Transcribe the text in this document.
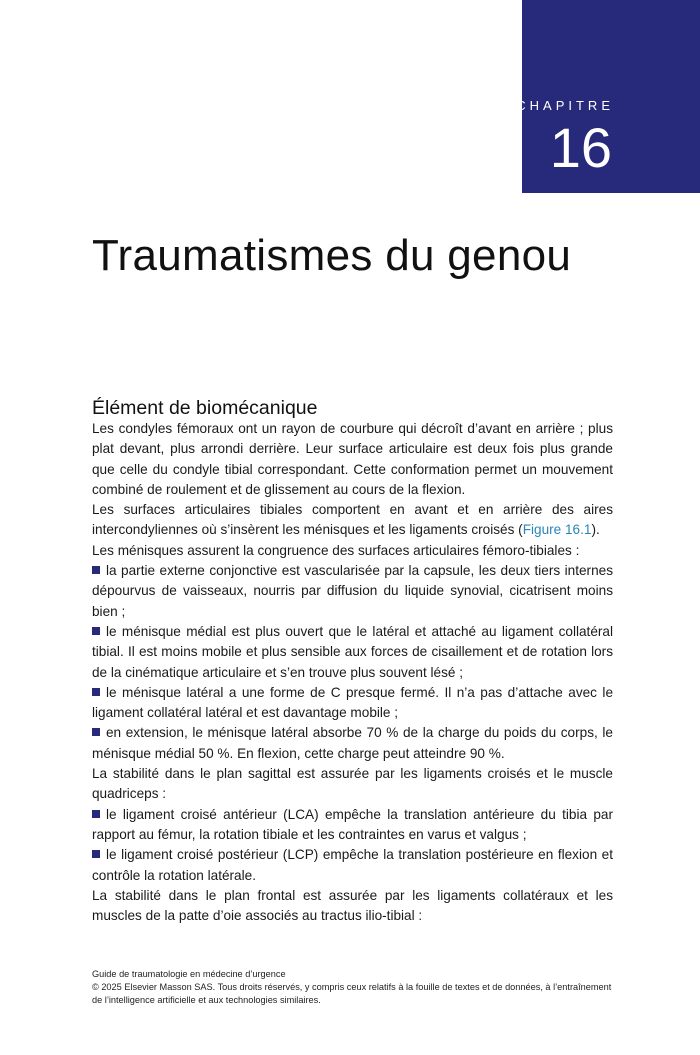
CHAPITRE
16
Traumatismes du genou
Élément de biomécanique

Les condyles fémoraux ont un rayon de courbure qui décroît d’avant en arrière ; plus plat devant, plus arrondi derrière. Leur surface articulaire est deux fois plus grande que celle du condyle tibial correspondant. Cette conformation permet un mouvement combiné de roulement et de glissement au cours de la flexion.

Les surfaces articulaires tibiales comportent en avant et en arrière des aires intercondyliennes où s’insèrent les ménisques et les ligaments croisés (Figure 16.1).

Les ménisques assurent la congruence des surfaces articulaires fémoro-tibiales :

la partie externe conjonctive est vascularisée par la capsule, les deux tiers internes dépourvus de vaisseaux, nourris par diffusion du liquide synovial, cicatrisent moins bien ;

le ménisque médial est plus ouvert que le latéral et attaché au ligament collatéral tibial. Il est moins mobile et plus sensible aux forces de cisaillement et de rotation lors de la cinématique articulaire et s’en trouve plus souvent lésé ;

le ménisque latéral a une forme de C presque fermé. Il n’a pas d’attache avec le ligament collatéral latéral et est davantage mobile ;

en extension, le ménisque latéral absorbe 70 % de la charge du poids du corps, le ménisque médial 50 %. En flexion, cette charge peut atteindre 90 %.

La stabilité dans le plan sagittal est assurée par les ligaments croisés et le muscle quadriceps :

le ligament croisé antérieur (LCA) empêche la translation antérieure du tibia par rapport au fémur, la rotation tibiale et les contraintes en varus et valgus ;

le ligament croisé postérieur (LCP) empêche la translation postérieure en flexion et contrôle la rotation latérale.

La stabilité dans le plan frontal est assurée par les ligaments collatéraux et les muscles de la patte d’oie associés au tractus ilio-tibial :

Guide de traumatologie en médecine d’urgence
© 2025 Elsevier Masson SAS. Tous droits réservés, y compris ceux relatifs à la fouille de textes et de données, à l’entraînement de l’intelligence artificielle et aux technologies similaires.
